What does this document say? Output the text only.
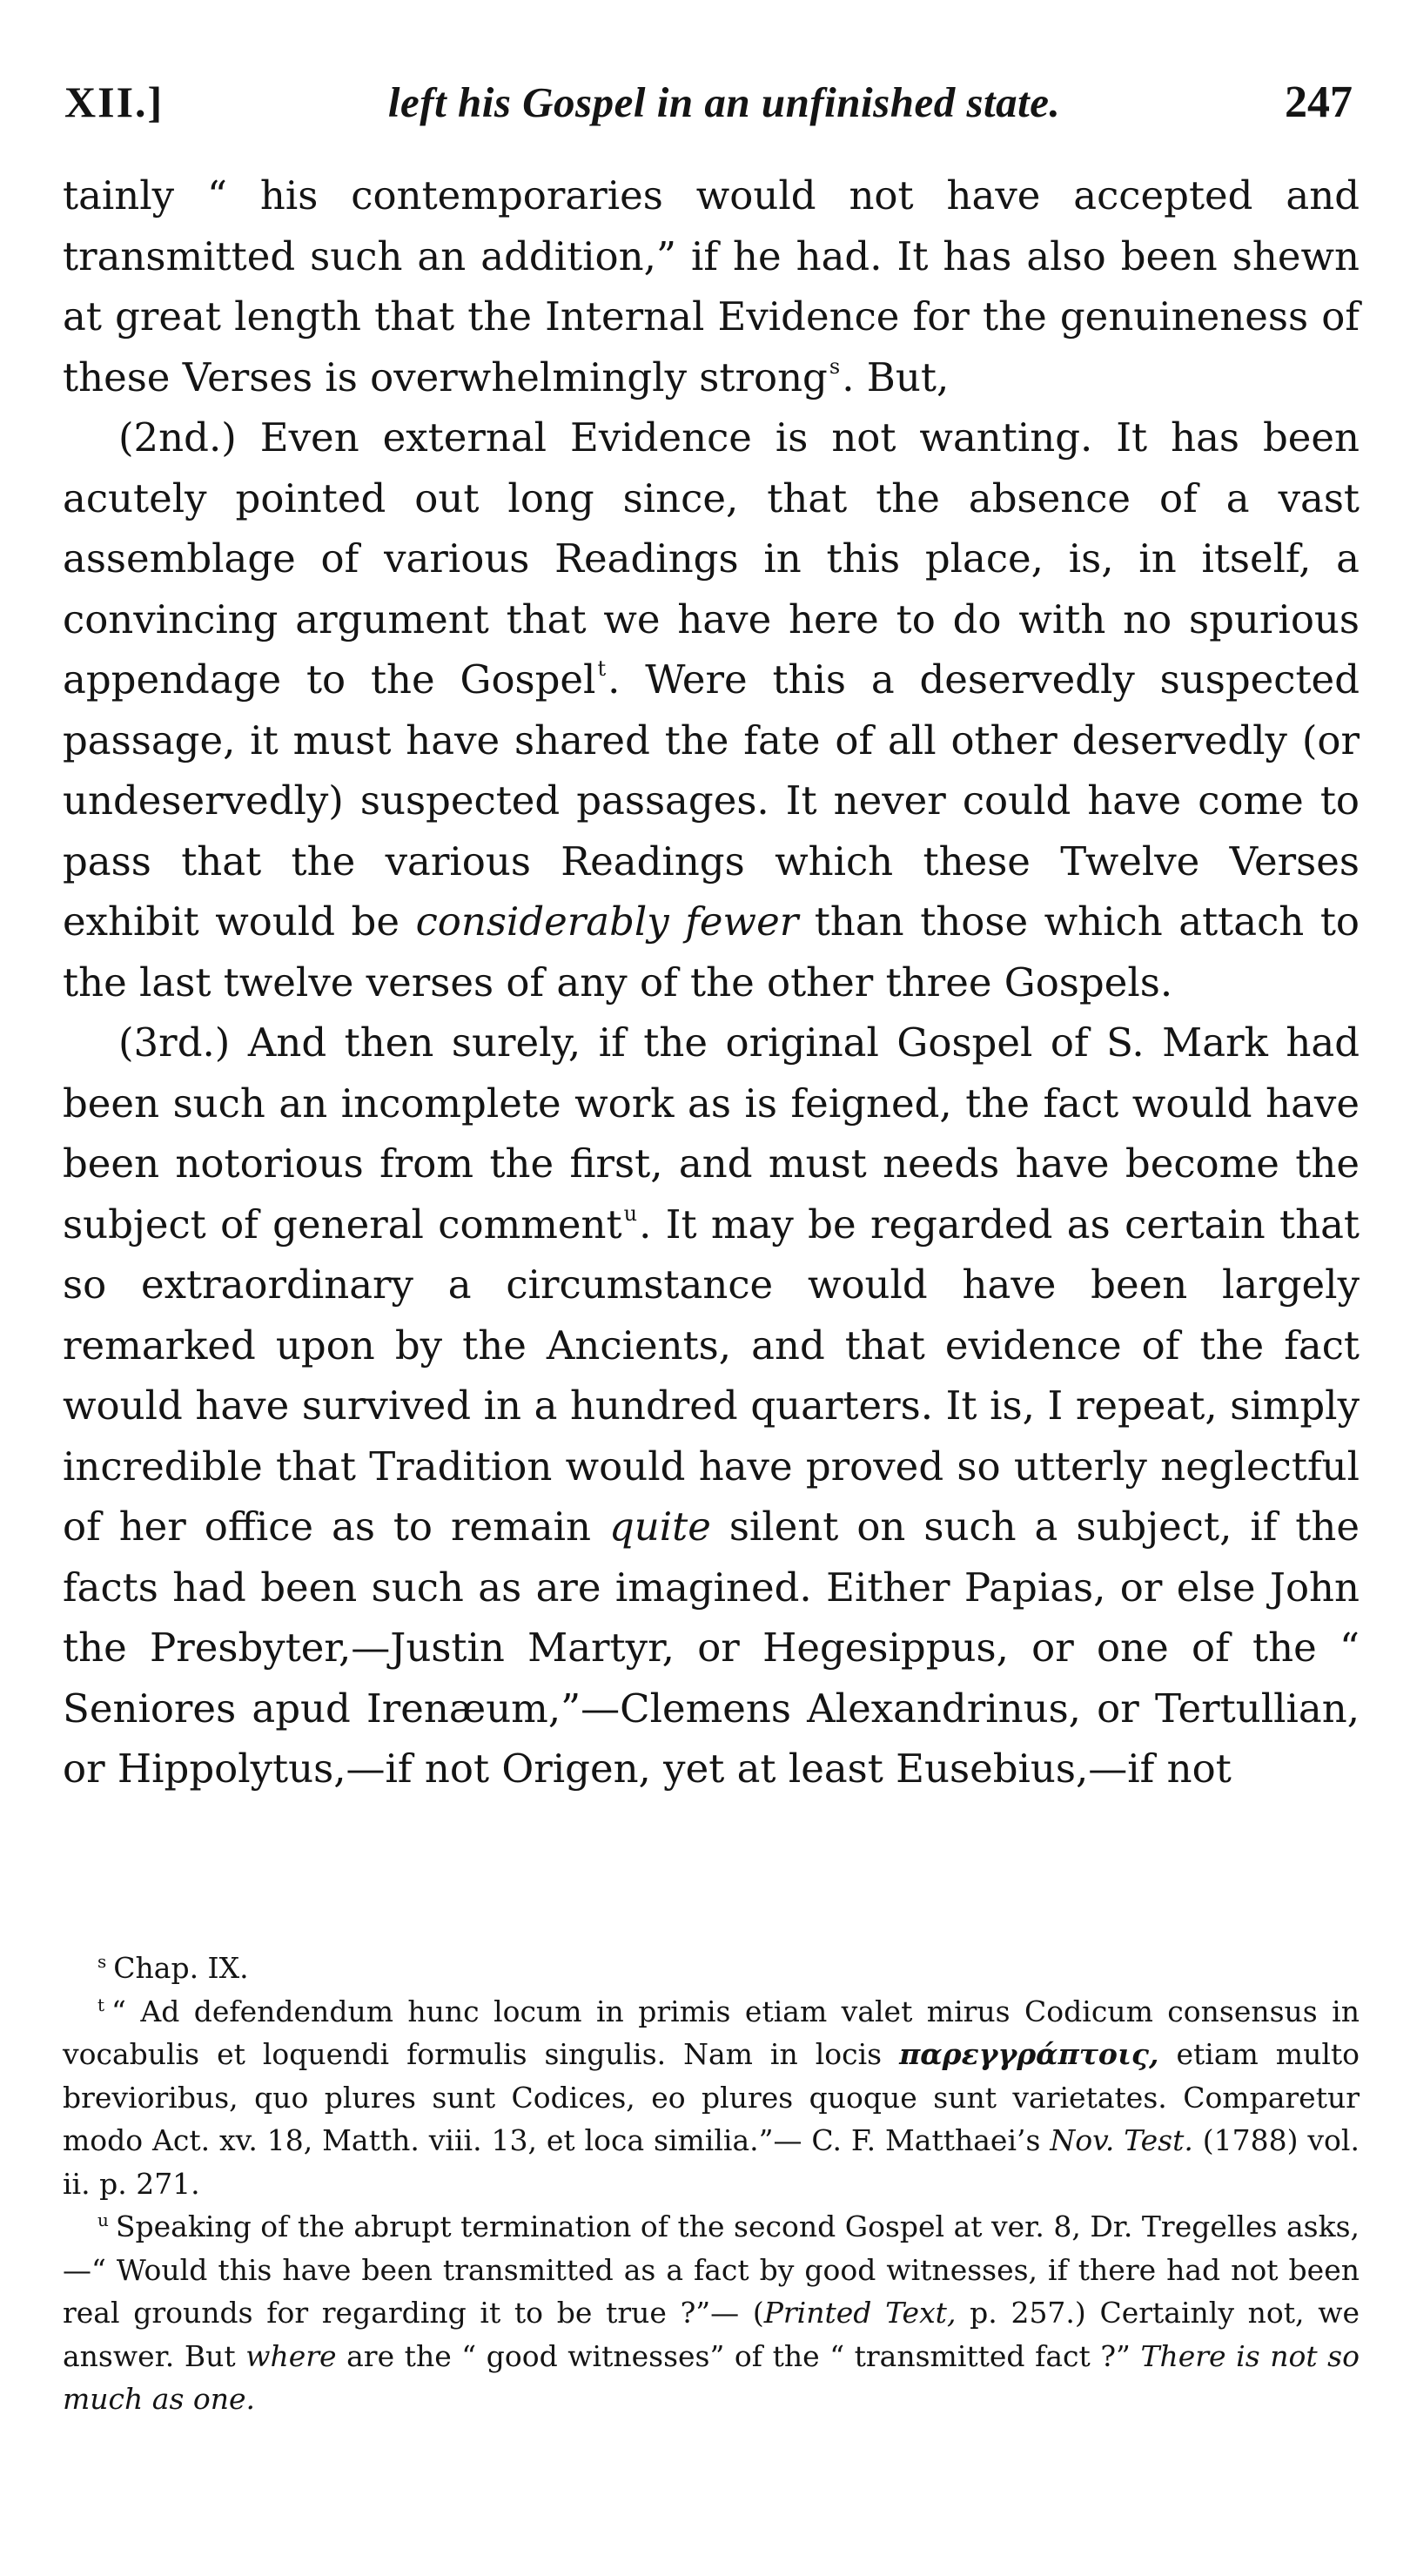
XII.]	left his Gospel in an unfinished state.	247

tainly “ his contemporaries would not have accepted and transmitted such an addition,” if he had. It has also been shewn at great length that the Internal Evidence for the genuineness of these Verses is overwhelmingly strong$^s$. But,

(2nd.) Even external Evidence is not wanting. It has been acutely pointed out long since, that the absence of a vast assemblage of various Readings in this place, is, in itself, a convincing argument that we have here to do with no spurious appendage to the Gospel$^t$. Were this a deservedly suspected passage, it must have shared the fate of all other deservedly (or undeservedly) suspected passages. It never could have come to pass that the various Readings which these Twelve Verses exhibit would be considerably fewer than those which attach to the last twelve verses of any of the other three Gospels.

(3rd.) And then surely, if the original Gospel of S. Mark had been such an incomplete work as is feigned, the fact would have been notorious from the first, and must needs have become the subject of general comment$^u$. It may be regarded as certain that so extraordinary a circumstance would have been largely remarked upon by the Ancients, and that evidence of the fact would have survived in a hundred quarters. It is, I repeat, simply incredible that Tradition would have proved so utterly neglectful of her office as to remain quite silent on such a subject, if the facts had been such as are imagined. Either Papias, or else John the Presbyter,—Justin Martyr, or Hegesippus, or one of the “ Seniores apud Irenæum,”—Clemens Alexandrinus, or Tertullian, or Hippolytus,—if not Origen, yet at least Eusebius,—if not

$^s$ Chap. IX.

$^t$ “ Ad defendendum hunc locum in primis etiam valet mirus Codicum consensus in vocabulis et loquendi formulis singulis. Nam in locis παρεγγράπτοις, etiam multo brevioribus, quo plures sunt Codices, eo plures quoque sunt varietates. Comparetur modo Act. xv. 18, Matth. viii. 13, et loca similia.”— C. F. Matthaei’s Nov. Test. (1788) vol. ii. p. 271.

$^u$ Speaking of the abrupt termination of the second Gospel at ver. 8, Dr. Tregelles asks,—“ Would this have been transmitted as a fact by good witnesses, if there had not been real grounds for regarding it to be true ?”— (Printed Text, p. 257.) Certainly not, we answer. But where are the “ good witnesses” of the “ transmitted fact ?” There is not so much as one.
